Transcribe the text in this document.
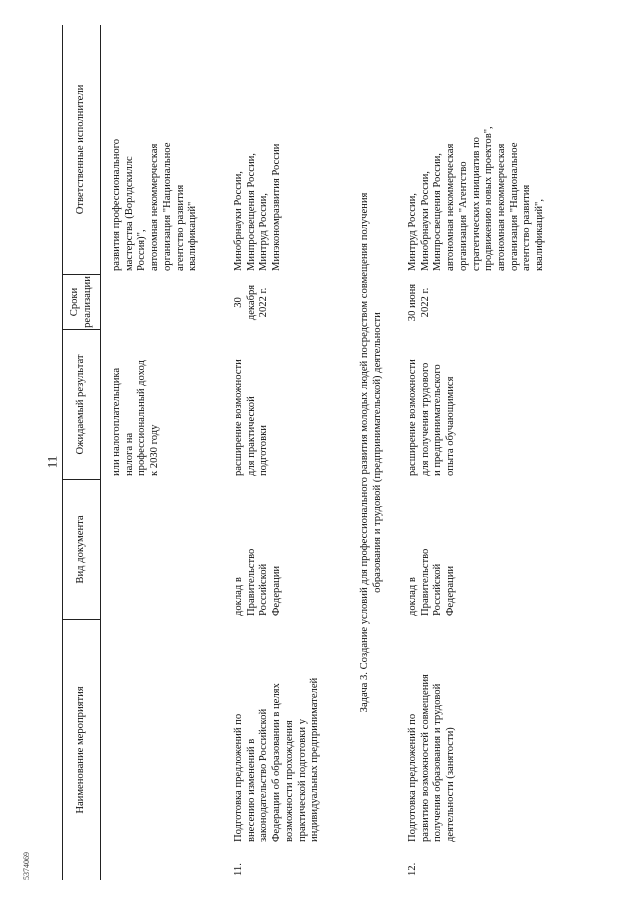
11
5374069
Наименование мероприятия
Вид документа
Ожидаемый результат
Сроки
реализации
Ответственные исполнители
или налогоплательщика
налога на
профессиональный доход
к 2030 году
развития профессионального
мастерства (Ворлдскиллс
Россия)",
автономная некоммерческая
организация "Национальное
агентство развития
квалификаций"
11.
Подготовка предложений по
внесению изменений в
законодательство Российской
Федерации об образовании в целях
возможности прохождения
практической подготовки у
индивидуальных предпринимателей
доклад в
Правительство
Российской
Федерации
расширение возможности
для практической
подготовки
30 декабря
2022 г.
Минобрнауки России,
Минпросвещения России,
Минтруд России,
Минэкономразвития России
Задача 3. Создание условий для профессионального развития молодых людей посредством совмещения получения
образования и трудовой (предпринимательской) деятельности
12.
Подготовка предложений по
развитию возможностей совмещения
получения образования и трудовой
деятельности (занятости)
доклад в
Правительство
Российской
Федерации
расширение возможности
для получения трудового
и предпринимательского
опыта обучающимися
30 июня
2022 г.
Минтруд России,
Минобрнауки России,
Минпросвещения России,
автономная некоммерческая
организация "Агентство
стратегических инициатив по
продвижению новых проектов",
автономная некоммерческая
организация "Национальное
агентство развития
квалификаций",
